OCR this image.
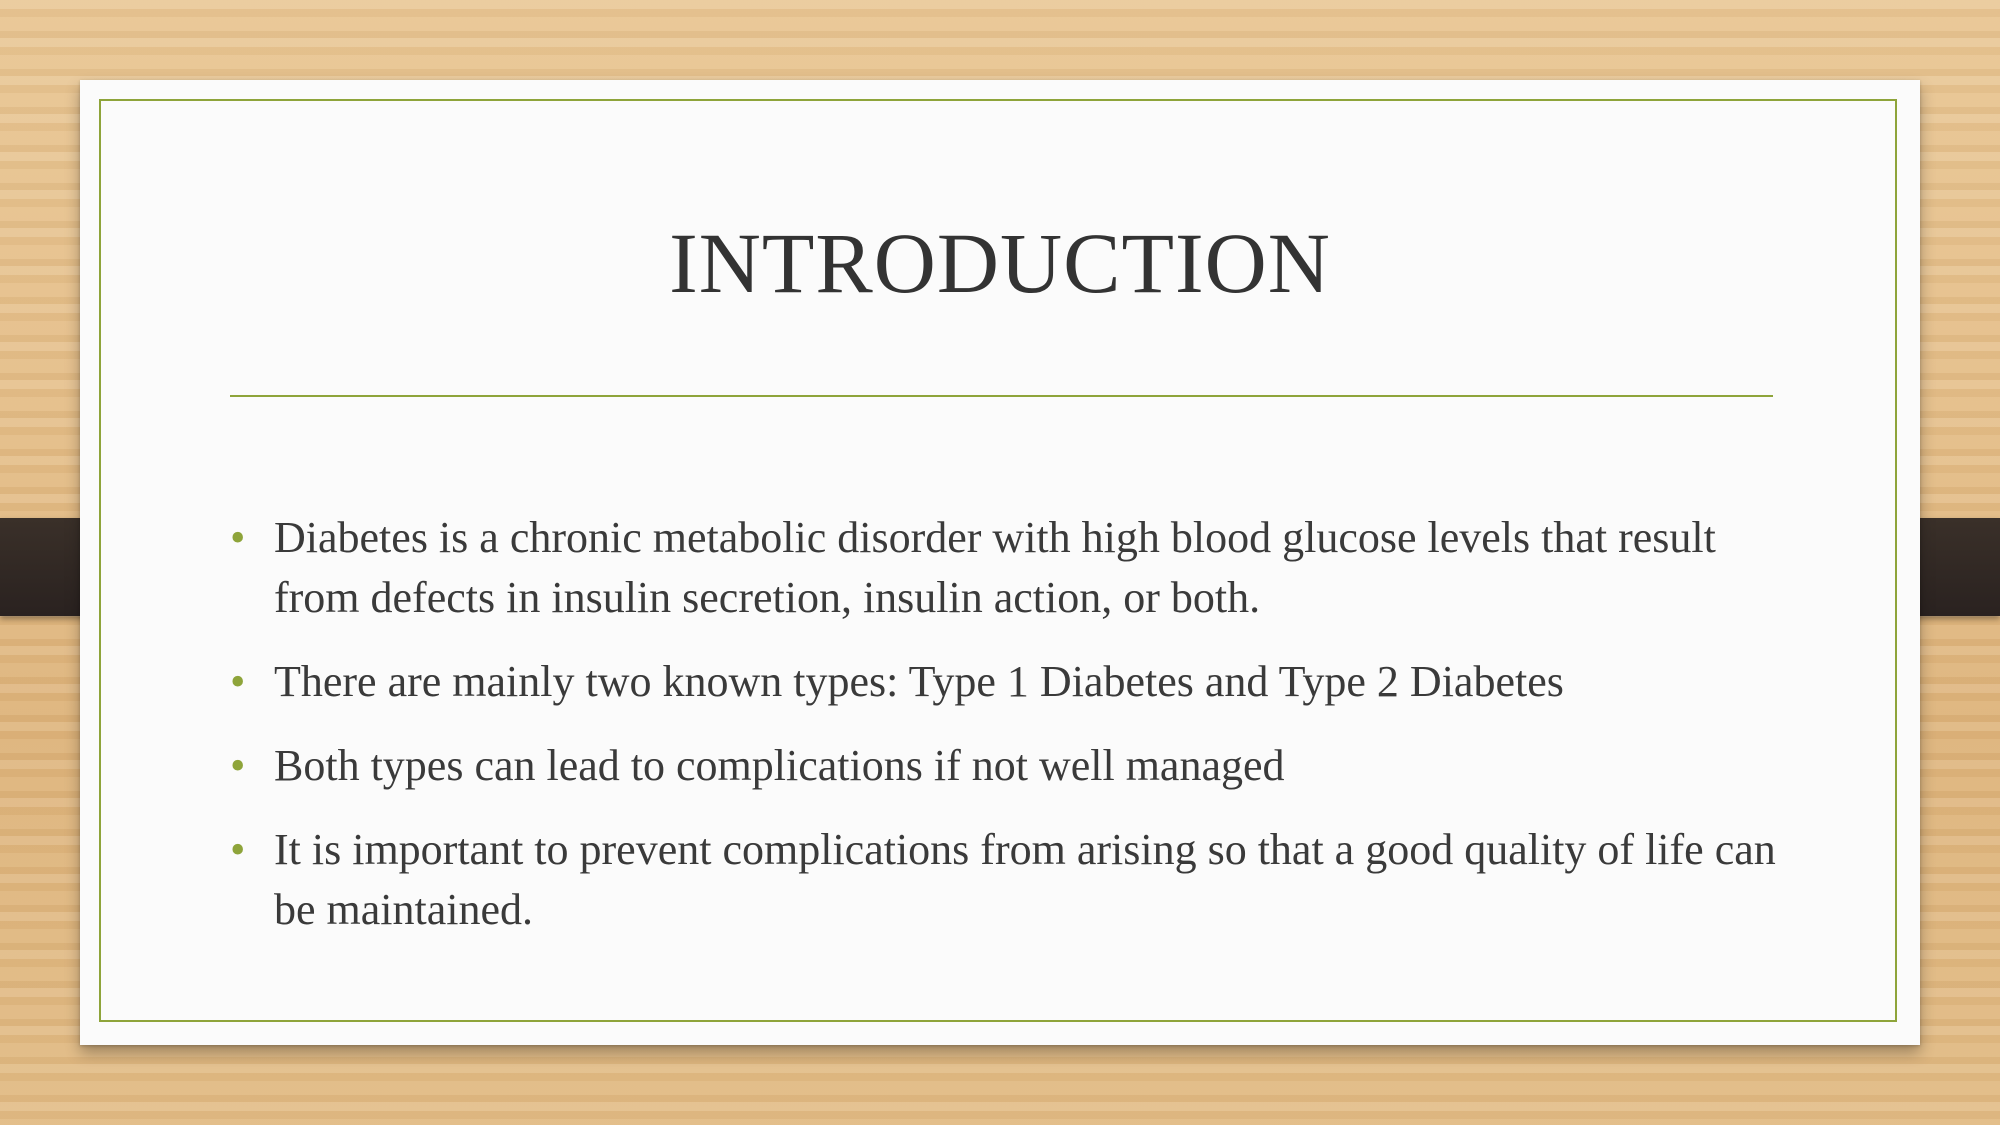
INTRODUCTION
• Diabetes is a chronic metabolic disorder with high blood glucose levels that result from defects in insulin secretion, insulin action, or both.
• There are mainly two known types: Type 1 Diabetes and Type 2 Diabetes
• Both types can lead to complications if not well managed
• It is important to prevent complications from arising so that a good quality of life can be maintained.
